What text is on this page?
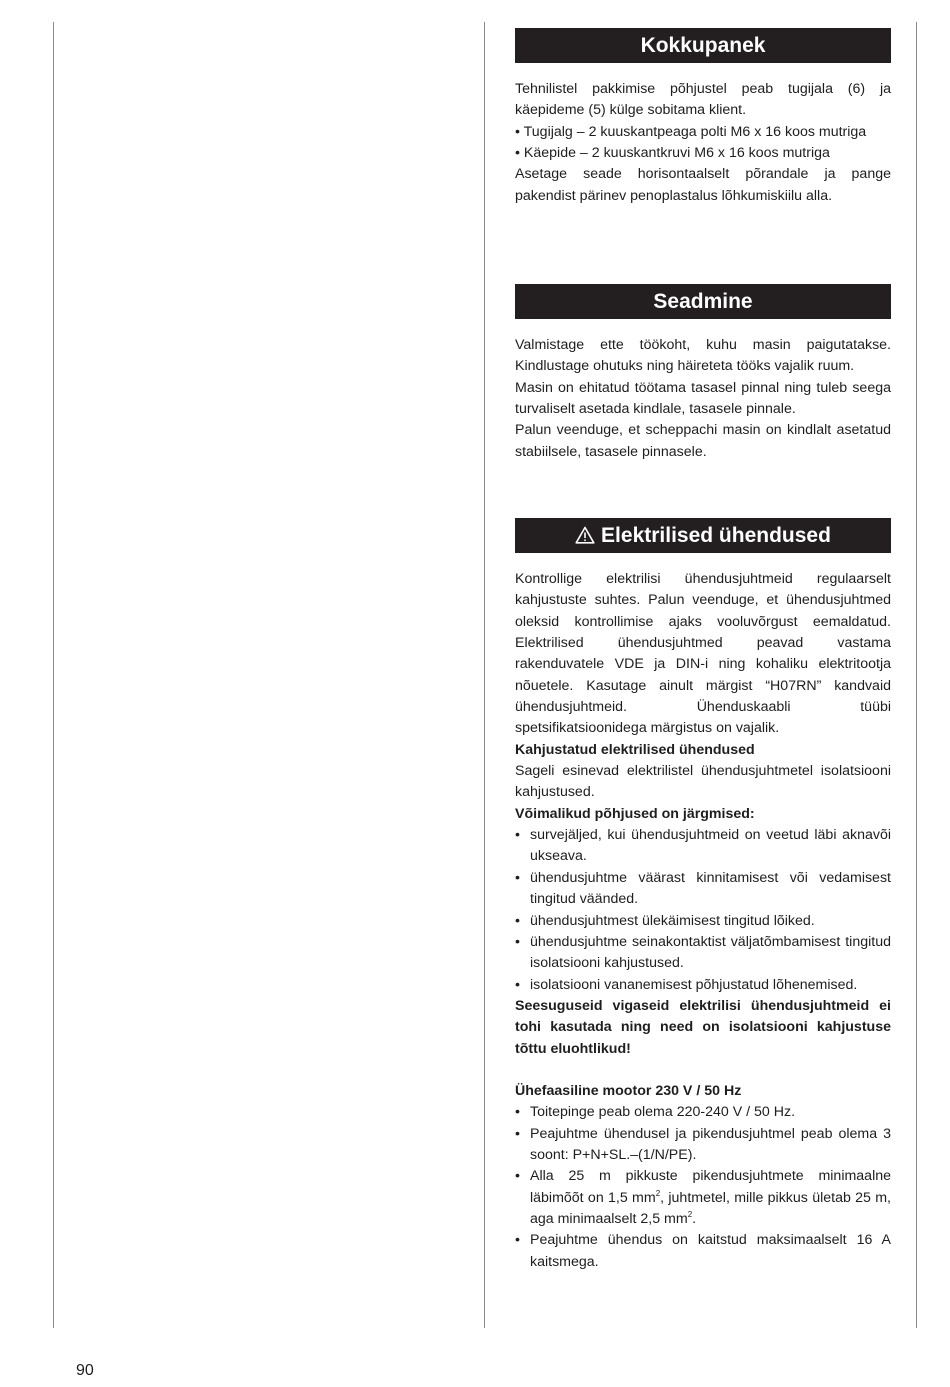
Kokkupanek

Tehnilistel pakkimise põhjustel peab tugijala (6) ja käepideme (5) külge sobitama klient.

• Tugijalg – 2 kuuskantpeaga polti M6 x 16 koos mutriga

• Käepide – 2 kuuskantkruvi M6 x 16 koos mutriga

Asetage seade horisontaalselt põrandale ja pange pakendist pärinev penoplastalus lõhkumiskiilu alla.

Seadmine

Valmistage ette töökoht, kuhu masin paigutatakse. Kindlustage ohutuks ning häireteta tööks vajalik ruum.

Masin on ehitatud töötama tasasel pinnal ning tuleb seega turvaliselt asetada kindlale, tasasele pinnale.

Palun veenduge, et scheppachi masin on kindlalt asetatud stabiilsele, tasasele pinnasele.

Elektrilised ühendused

Kontrollige elektrilisi ühendusjuhtmeid regulaarselt kahjustuste suhtes. Palun veenduge, et ühendusjuhtmed oleksid kontrollimise ajaks vooluvõrgust eemaldatud. Elektrilised ühendusjuhtmed peavad vastama rakenduvatele VDE ja DIN-i ning kohaliku elektritootja nõuetele. Kasutage ainult märgist “H07RN” kandvaid ühendusjuhtmeid. Ühenduskaabli tüübi spetsifikatsioonidega märgistus on vajalik.

Kahjustatud elektrilised ühendused

Sageli esinevad elektrilistel ühendusjuhtmetel isolatsiooni kahjustused.

Võimalikud põhjused on järgmised:

• survejäljed, kui ühendusjuhtmeid on veetud läbi aknavõi ukseava.
• ühendusjuhtme väärast kinnitamisest või vedamisest tingitud väänded.
• ühendusjuhtmest ülekäimisest tingitud lõiked.
• ühendusjuhtme seinakontaktist väljatõmbamisest tingitud isolatsiooni kahjustused.
• isolatsiooni vananemisest põhjustatud lõhenemised.

Seesuguseid vigaseid elektrilisi ühendusjuhtmeid ei tohi kasutada ning need on isolatsiooni kahjustuse tõttu eluohtlikud!

Ühefaasiline mootor 230 V / 50 Hz

• Toitepinge peab olema 220-240 V / 50 Hz.
• Peajuhtme ühendusel ja pikendusjuhtmel peab olema 3 soont: P+N+SL.–(1/N/PE).
• Alla 25 m pikkuste pikendusjuhtmete minimaalne läbimõõt on 1,5 $mm^2$, juhtmetel, mille pikkus ületab 25 m, aga minimaalselt 2,5 $mm^2$.
• Peajuhtme ühendus on kaitstud maksimaalselt 16 A kaitsmega.
90
